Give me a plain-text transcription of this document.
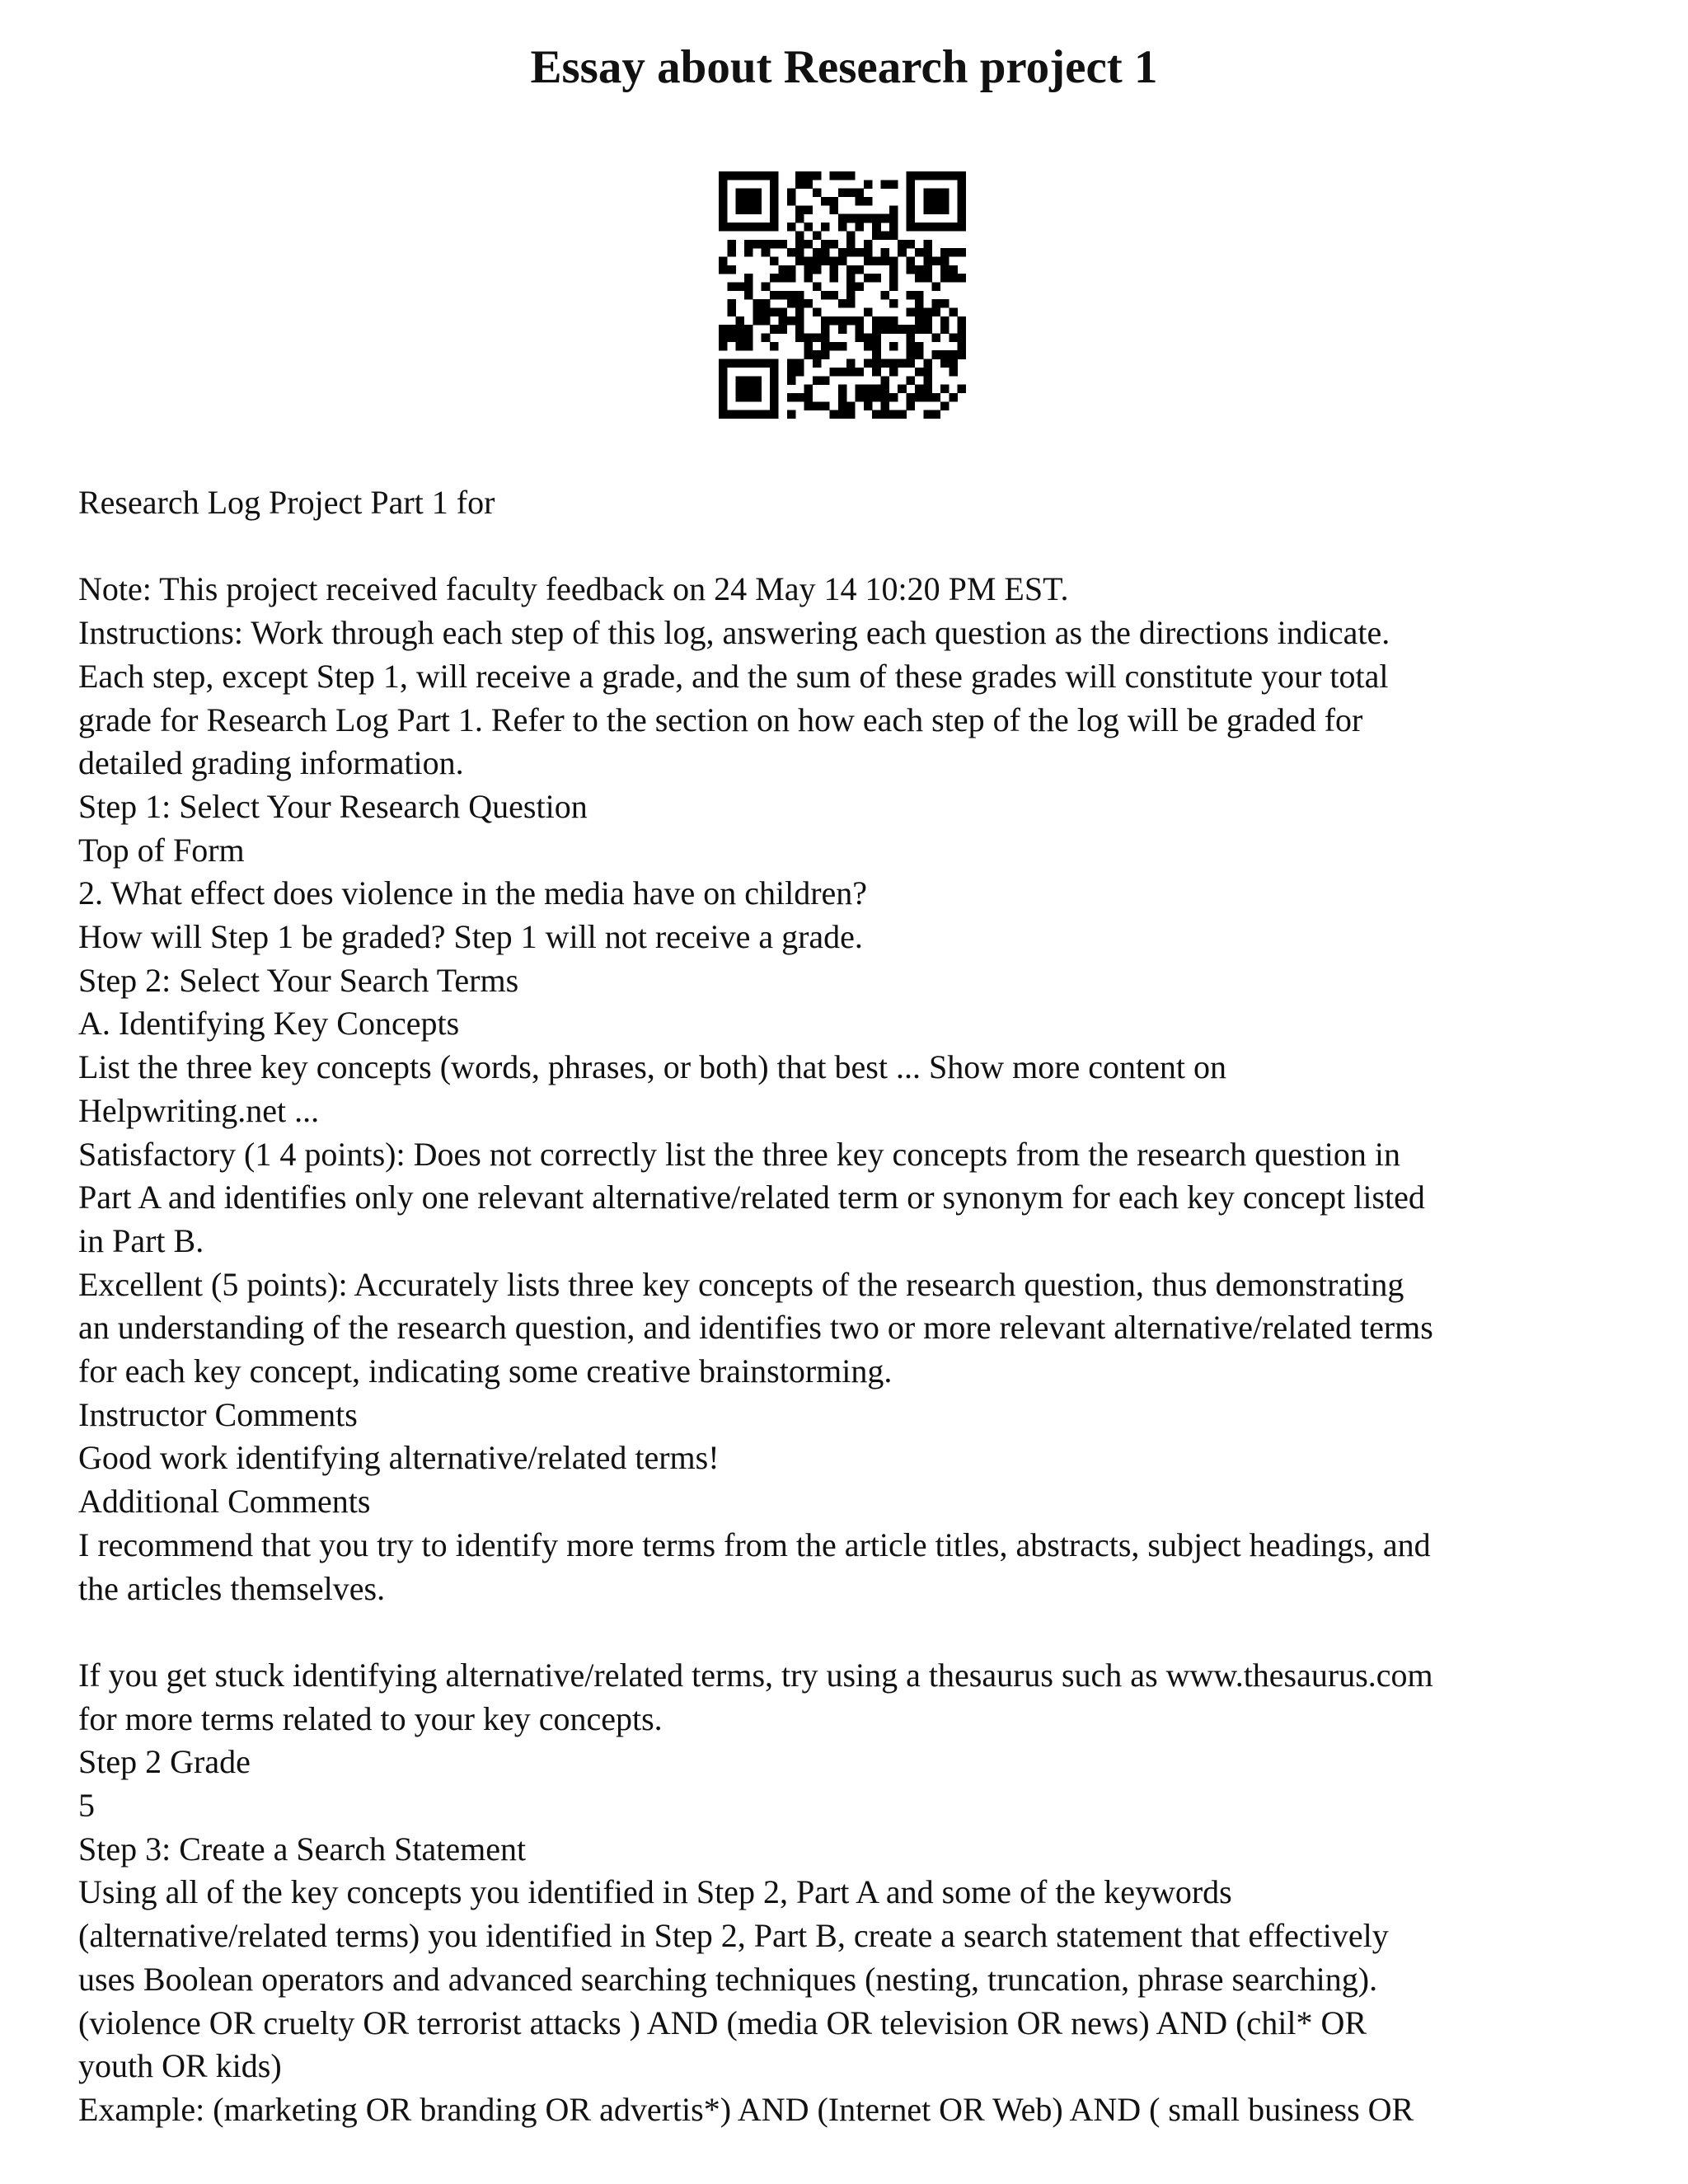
Essay about Research project 1
Research Log Project Part 1 for
Note: This project received faculty feedback on 24 May 14 10:20 PM EST.
Instructions: Work through each step of this log, answering each question as the directions indicate.
Each step, except Step 1, will receive a grade, and the sum of these grades will constitute your total
grade for Research Log Part 1. Refer to the section on how each step of the log will be graded for
detailed grading information.
Step 1: Select Your Research Question
Top of Form
2. What effect does violence in the media have on children?
How will Step 1 be graded? Step 1 will not receive a grade.
Step 2: Select Your Search Terms
A. Identifying Key Concepts
List the three key concepts (words, phrases, or both) that best ... Show more content on
Helpwriting.net ...
Satisfactory (1 4 points): Does not correctly list the three key concepts from the research question in
Part A and identifies only one relevant alternative/related term or synonym for each key concept listed
in Part B.
Excellent (5 points): Accurately lists three key concepts of the research question, thus demonstrating
an understanding of the research question, and identifies two or more relevant alternative/related terms
for each key concept, indicating some creative brainstorming.
Instructor Comments
Good work identifying alternative/related terms!
Additional Comments
I recommend that you try to identify more terms from the article titles, abstracts, subject headings, and
the articles themselves.
If you get stuck identifying alternative/related terms, try using a thesaurus such as www.thesaurus.com
for more terms related to your key concepts.
Step 2 Grade
5
Step 3: Create a Search Statement
Using all of the key concepts you identified in Step 2, Part A and some of the keywords
(alternative/related terms) you identified in Step 2, Part B, create a search statement that effectively
uses Boolean operators and advanced searching techniques (nesting, truncation, phrase searching).
(violence OR cruelty OR terrorist attacks ) AND (media OR television OR news) AND (chil* OR
youth OR kids)
Example: (marketing OR branding OR advertis*) AND (Internet OR Web) AND ( small business OR
